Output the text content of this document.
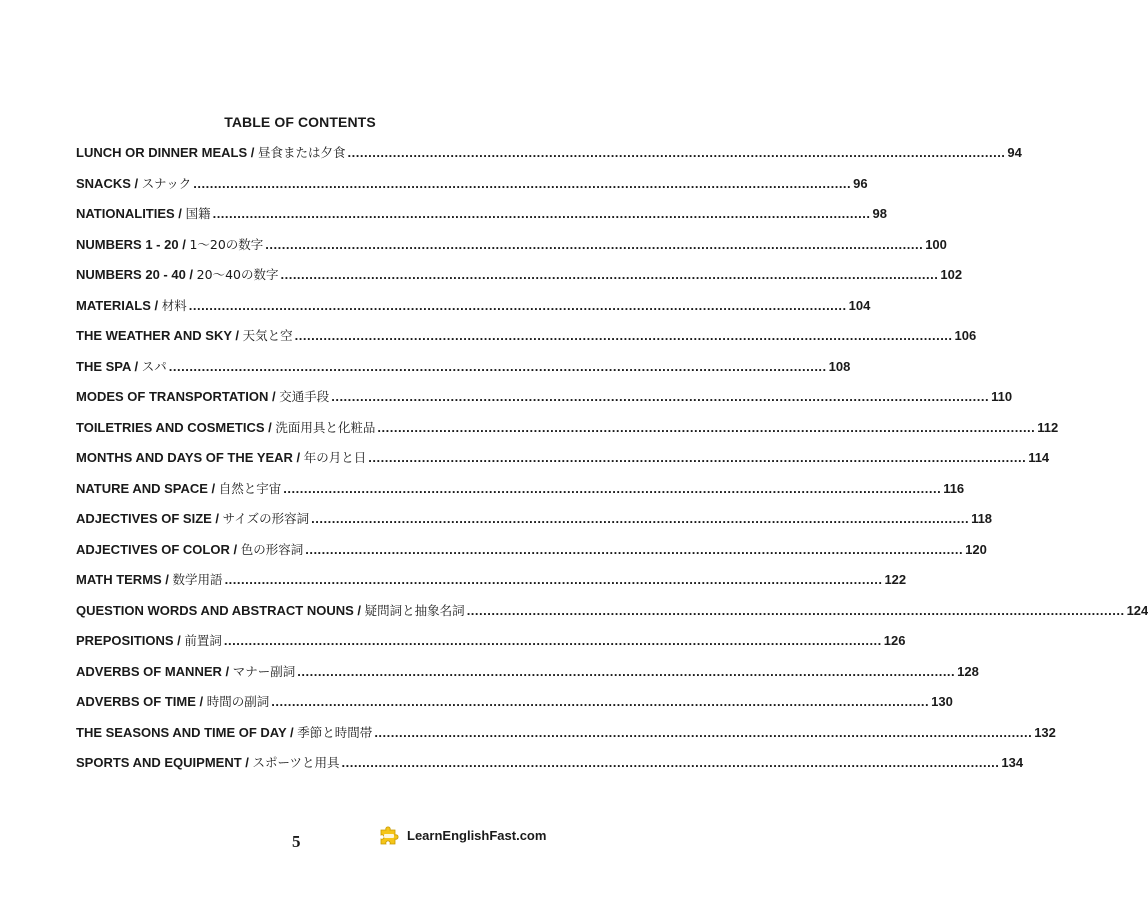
TABLE OF CONTENTS
LUNCH OR DINNER MEALS /
昼食または夕食 ................................................................................................................................................................ 94
SNACKS /
スナック ................................................................................................................................................................ 96
NATIONALITIES /
国籍 ................................................................................................................................................................ 98
NUMBERS 1 - 20 /
1〜20の数字 ................................................................................................................................................................ 100
NUMBERS 20 - 40 /
20〜40の数字 ................................................................................................................................................................ 102
MATERIALS /
材料 ................................................................................................................................................................ 104
THE WEATHER AND SKY /
天気と空 ................................................................................................................................................................ 106
THE SPA /
スパ ................................................................................................................................................................ 108
MODES OF TRANSPORTATION /
交通手段 ................................................................................................................................................................ 110
TOILETRIES AND COSMETICS /
洗面用具と化粧品 ................................................................................................................................................................ 112
MONTHS AND DAYS OF THE YEAR /
年の月と日 ................................................................................................................................................................ 114
NATURE AND SPACE /
自然と宇宙 ................................................................................................................................................................ 116
ADJECTIVES OF SIZE /
サイズの形容詞 ................................................................................................................................................................ 118
ADJECTIVES OF COLOR /
色の形容詞 ................................................................................................................................................................ 120
MATH TERMS /
数学用語 ................................................................................................................................................................ 122
QUESTION WORDS AND ABSTRACT NOUNS /
疑問詞と抽象名詞 ................................................................................................................................................................ 124
PREPOSITIONS /
前置詞 ................................................................................................................................................................ 126
ADVERBS OF MANNER /
マナー副詞 ................................................................................................................................................................ 128
ADVERBS OF TIME /
時間の副詞 ................................................................................................................................................................ 130
THE SEASONS AND TIME OF DAY /
季節と時間帯 ................................................................................................................................................................ 132
SPORTS AND EQUIPMENT /
スポーツと用具 ................................................................................................................................................................ 134
5	LearnEnglishFast.com
